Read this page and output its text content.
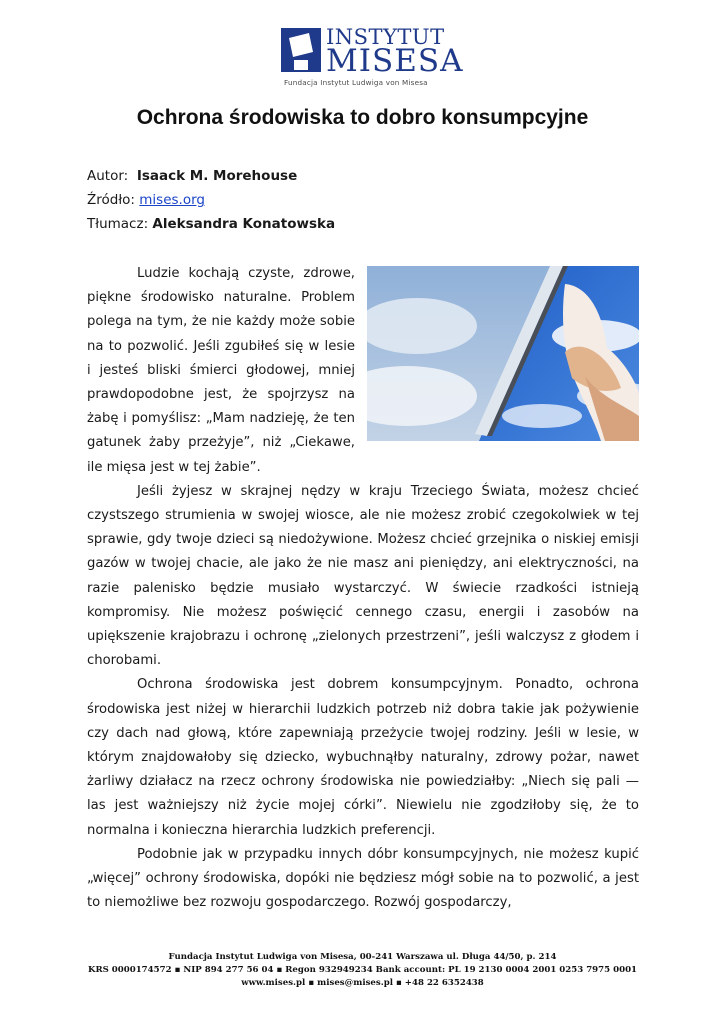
INSTYTUT
MISESA
Fundacja Instytut Ludwiga von Misesa
Ochrona środowiska to dobro konsumpcyjne
Autor: Isaack M. Morehouse
Źródło: mises.org
Tłumacz: Aleksandra Konatowska

Ludzie kochają czyste, zdrowe, piękne środowisko naturalne. Problem polega na tym, że nie każdy może sobie na to pozwolić. Jeśli zgubiłeś się w lesie i jesteś bliski śmierci głodowej, mniej prawdopodobne jest, że spojrzysz na żabę i pomyślisz: „Mam nadzieję, że ten gatunek żaby przeżyje”, niż „Ciekawe, ile mięsa jest w tej żabie”.

Jeśli żyjesz w skrajnej nędzy w kraju Trzeciego Świata, możesz chcieć czystszego strumienia w swojej wiosce, ale nie możesz zrobić czegokolwiek w tej sprawie, gdy twoje dzieci są niedożywione. Możesz chcieć grzejnika o niskiej emisji gazów w twojej chacie, ale jako że nie masz ani pieniędzy, ani elektryczności, na razie palenisko będzie musiało wystarczyć. W świecie rzadkości istnieją kompromisy. Nie możesz poświęcić cennego czasu, energii i zasobów na upiększenie krajobrazu i ochronę „zielonych przestrzeni”, jeśli walczysz z głodem i chorobami.

Ochrona środowiska jest dobrem konsumpcyjnym. Ponadto, ochrona środowiska jest niżej w hierarchii ludzkich potrzeb niż dobra takie jak pożywienie czy dach nad głową, które zapewniają przeżycie twojej rodziny. Jeśli w lesie, w którym znajdowałoby się dziecko, wybuchnąłby naturalny, zdrowy pożar, nawet żarliwy działacz na rzecz ochrony środowiska nie powiedziałby: „Niech się pali — las jest ważniejszy niż życie mojej córki”. Niewielu nie zgodziłoby się, że to normalna i konieczna hierarchia ludzkich preferencji.

Podobnie jak w przypadku innych dóbr konsumpcyjnych, nie możesz kupić „więcej” ochrony środowiska, dopóki nie będziesz mógł sobie na to pozwolić, a jest to niemożliwe bez rozwoju gospodarczego. Rozwój gospodarczy,

Fundacja Instytut Ludwiga von Misesa, 00-241 Warszawa ul. Długa 44/50, p. 214
KRS 0000174572 ▪ NIP 894 277 56 04 ▪ Regon 932949234 Bank account: PL 19 2130 0004 2001 0253 7975 0001
www.mises.pl ▪ mises@mises.pl ▪ +48 22 6352438
